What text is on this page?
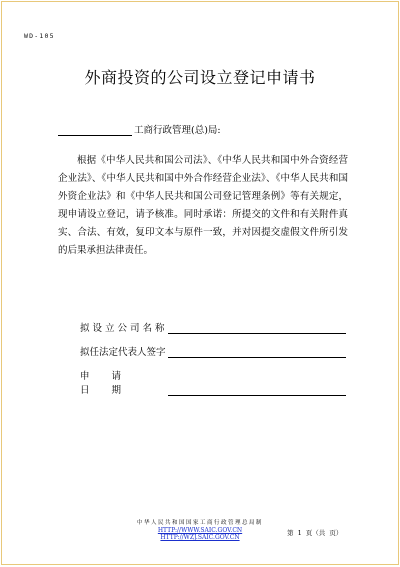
WD-105
外商投资的公司设立登记申请书
工商行政管理(总)局:

根据《中华人民共和国公司法》、《中华人民共和国中外合资经营企业法》、《中华人民共和国中外合作经营企业法》、《中华人民共和国外资企业法》和《中华人民共和国公司登记管理条例》等有关规定，现申请设立登记，请予核准。同时承诺：所提交的文件和有关附件真实、合法、有效，复印文本与原件一致，并对因提交虚假文件所引发的后果承担法律责任。

拟设立公司名称
拟任法定代表人签字
申请日期
中华人民共和国国家工商行政管理总局制
HTTP://WWW.SAIC.GOV.CN
HTTP://WZJ.SAIC.GOV.CN
第 1 页（共 页）
